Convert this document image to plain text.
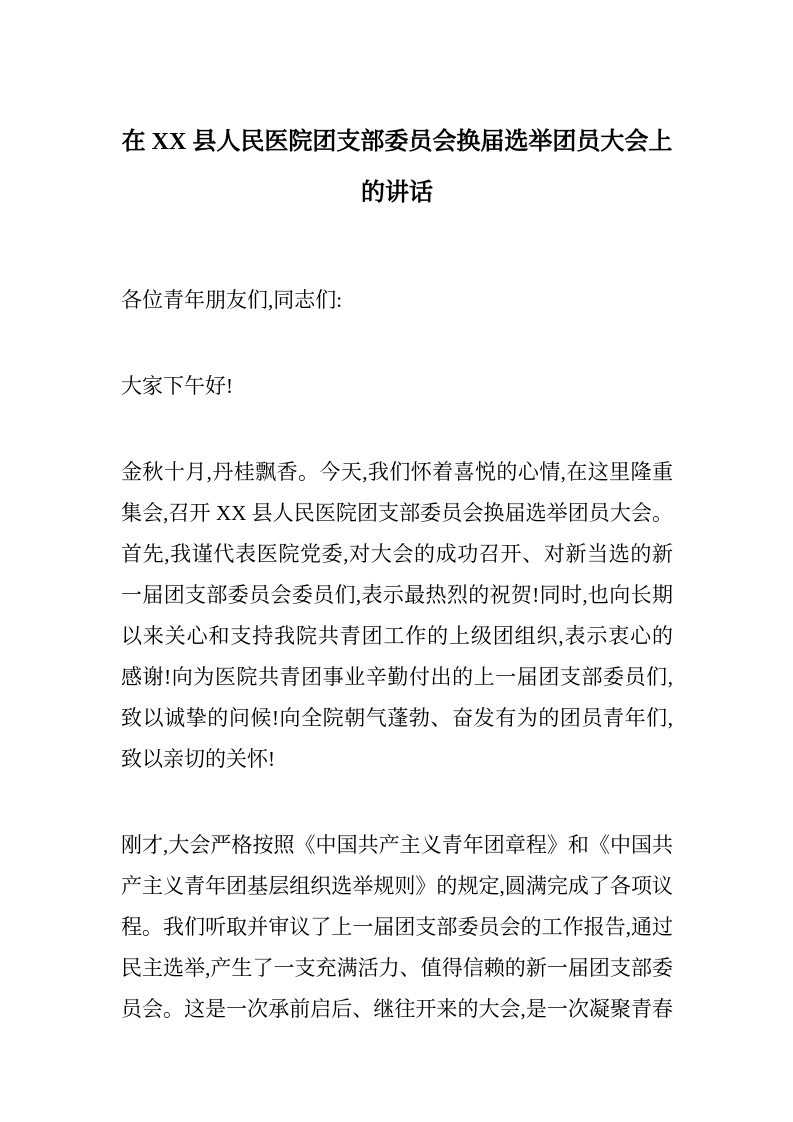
在 XX 县人民医院团支部委员会换届选举团员大会上
的讲话
各位青年朋友们,同志们:
大家下午好!
金秋十月,丹桂飘香。今天,我们怀着喜悦的心情,在这里隆重
集会,召开 XX 县人民医院团支部委员会换届选举团员大会。
首先,我谨代表医院党委,对大会的成功召开、对新当选的新
一届团支部委员会委员们,表示最热烈的祝贺!同时,也向长期
以来关心和支持我院共青团工作的上级团组织,表示衷心的
感谢!向为医院共青团事业辛勤付出的上一届团支部委员们,
致以诚挚的问候!向全院朝气蓬勃、奋发有为的团员青年们,
致以亲切的关怀!
刚才,大会严格按照《中国共产主义青年团章程》和《中国共
产主义青年团基层组织选举规则》的规定,圆满完成了各项议
程。我们听取并审议了上一届团支部委员会的工作报告,通过
民主选举,产生了一支充满活力、值得信赖的新一届团支部委
员会。这是一次承前启后、继往开来的大会,是一次凝聚青春
